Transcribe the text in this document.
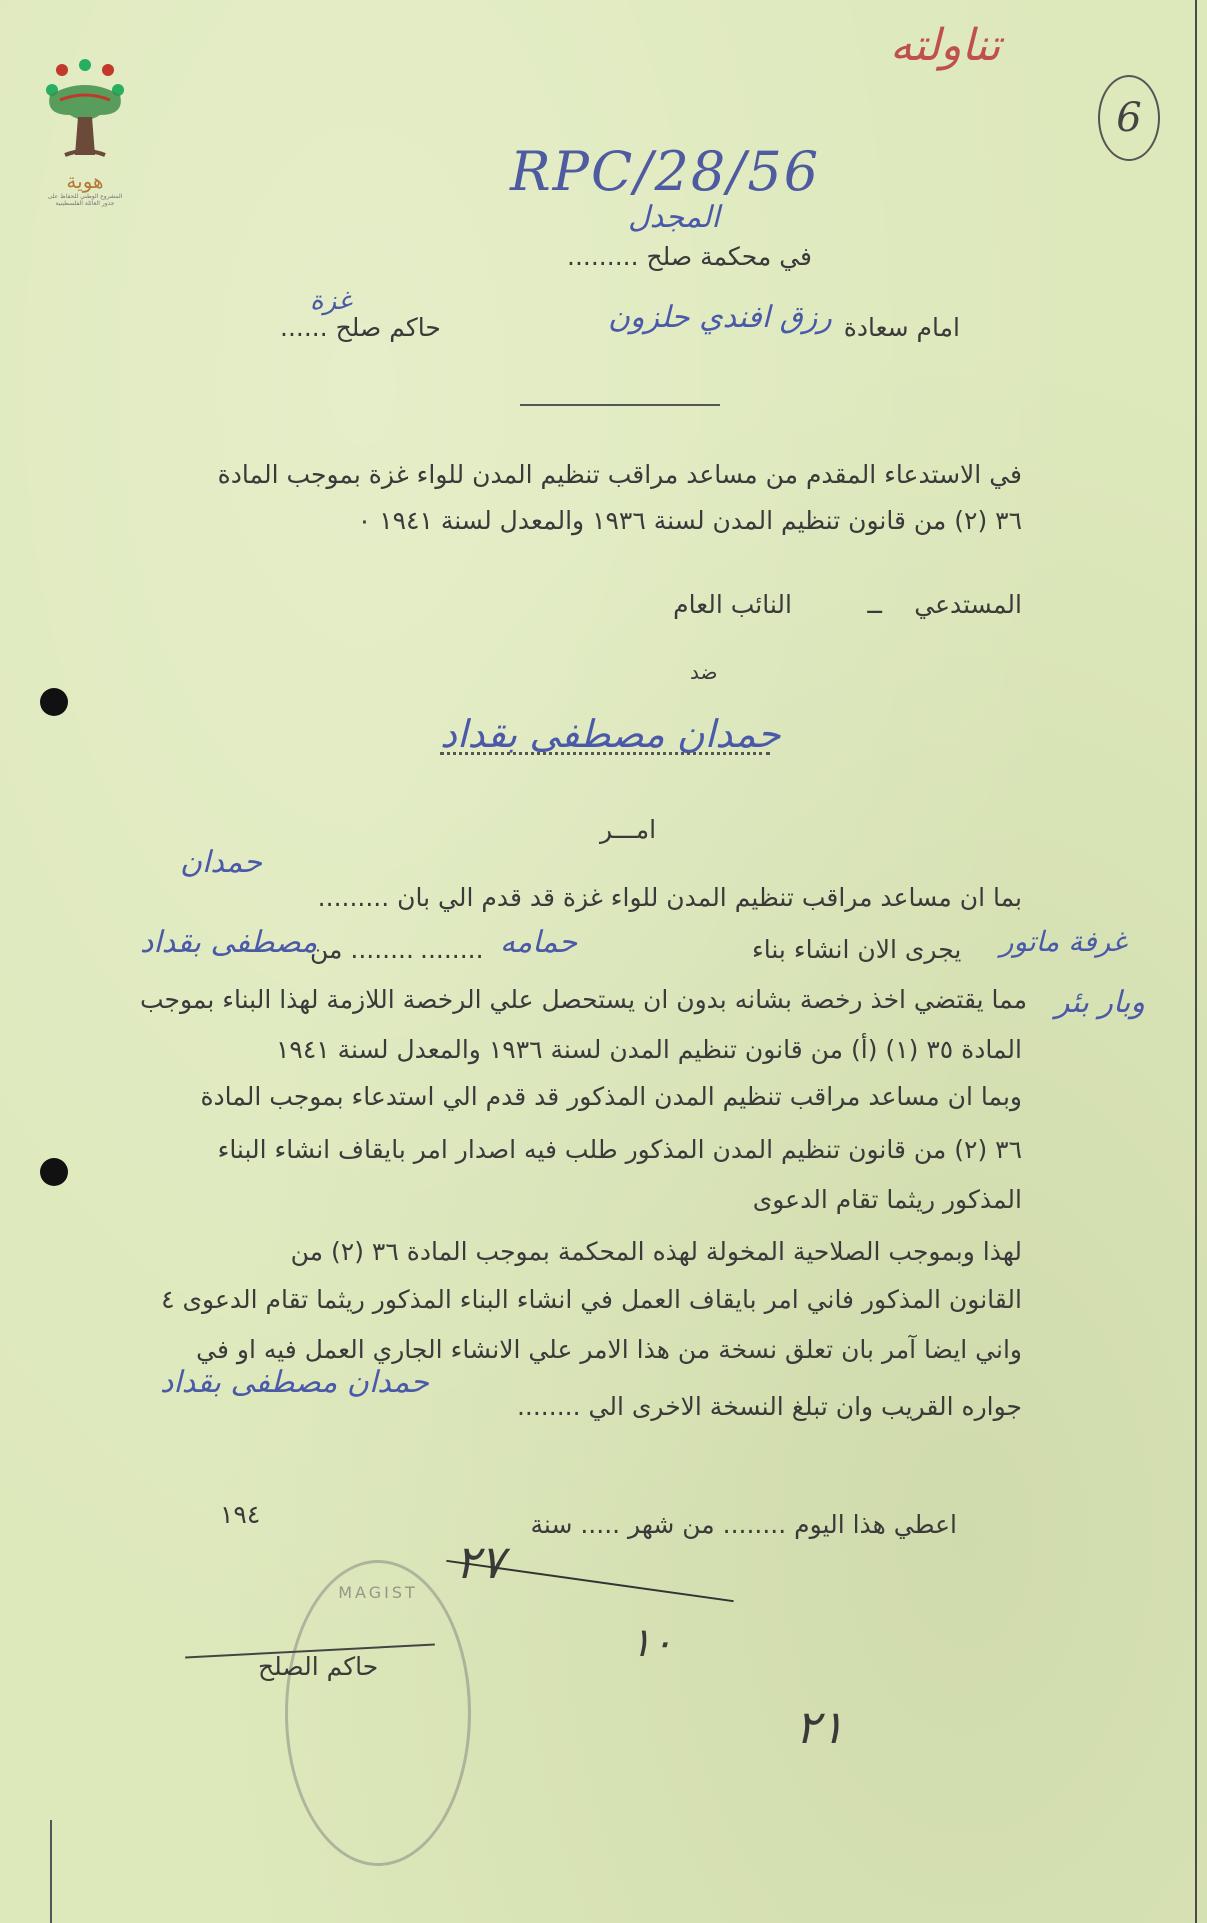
هوية
المشروع الوطني للحفاظ على
جذور العائلة الفلسطينية
تناولته
6
RPC/28/56
المجدل
في محكمة صلح .........
امام سعادة
رزق افندي حلزون
حاكم صلح ......
غزة
في الاستدعاء المقدم من مساعد مراقب تنظيم المدن للواء غزة بموجب المادة
٣٦ (٢) من قانون تنظيم المدن لسنة ١٩٣٦ والمعدل لسنة ١٩٤١ ٠
المستدعي
ــ
النائب العام
ضد
حمدان مصطفى بقداد
امـــر
حمدان
بما ان مساعد مراقب تنظيم المدن للواء غزة قد قدم الي بان .........
مصطفى بقداد
........ من	حمامه
........	يجرى الان انشاء بناء غرفة ماتور
وبار بئر
مما يقتضي اخذ رخصة بشانه بدون ان يستحصل علي الرخصة اللازمة لهذا البناء بموجب
المادة ٣٥ (١) (أ) من قانون تنظيم المدن لسنة ١٩٣٦ والمعدل لسنة ١٩٤١
وبما ان مساعد مراقب تنظيم المدن المذكور قد قدم الي استدعاء بموجب المادة
٣٦ (٢) من قانون تنظيم المدن المذكور طلب فيه اصدار امر بايقاف انشاء البناء
المذكور ريثما تقام الدعوى
لهذا وبموجب الصلاحية المخولة لهذه المحكمة بموجب المادة ٣٦ (٢) من
القانون المذكور فاني امر بايقاف العمل في انشاء البناء المذكور ريثما تقام الدعوى ٤
واني ايضا آمر بان تعلق نسخة من هذا الامر علي الانشاء الجاري العمل فيه او في
حمدان مصطفى بقداد
جواره القريب وان تبلغ النسخة الاخرى الي ........
١٩٤	اعطي هذا اليوم ........ من شهر ..... سنة
٢٧
١٠
MAGIST
حاكم الصلح
٢١
